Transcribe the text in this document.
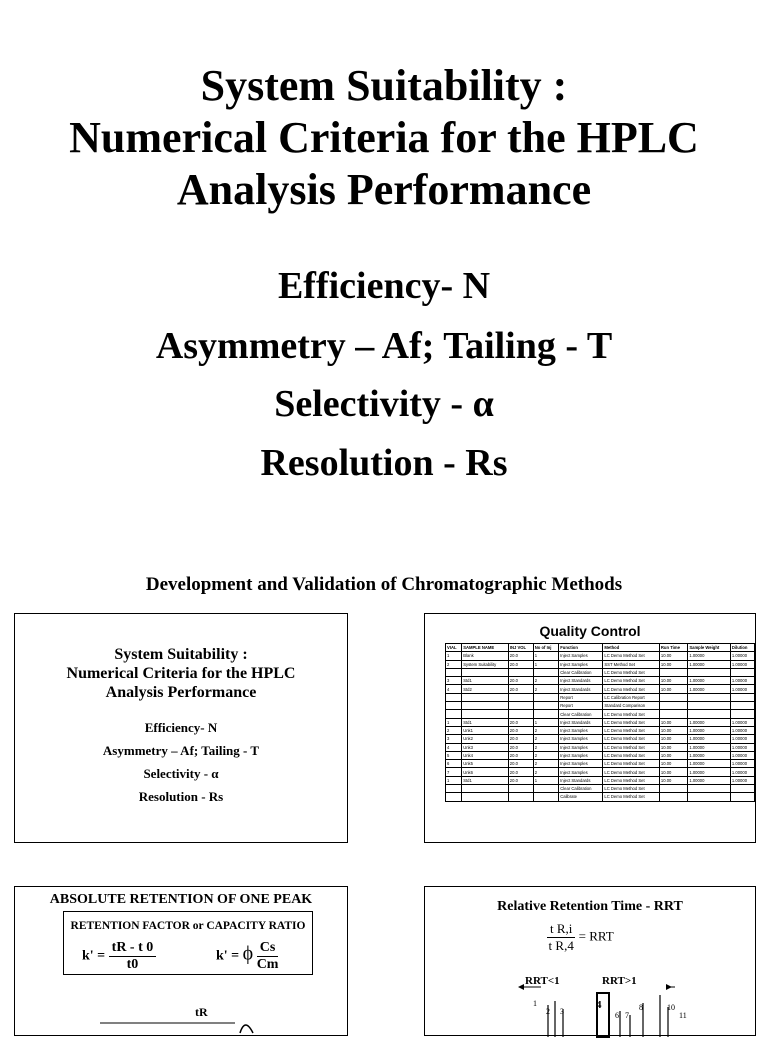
System Suitability :
Numerical Criteria for the HPLC
Analysis Performance
Efficiency- N
Asymmetry – Af; Tailing - T
Selectivity - α
Resolution - Rs
Development and Validation of Chromatographic Methods
System Suitability :
Numerical Criteria for the HPLC
Analysis Performance
Efficiency- N
Asymmetry – Af; Tailing - T
Selectivity - α
Resolution - Rs
Quality Control
VIAL	SAMPLE NAME	INJ VOL	No of Inj	Function	Method	Run Time	Sample Weight	Dilution
1	Blank	20.0	1	Inject Samples	LC Demo Method Set	10.00	1.00000	1.00000
2	System Suitability	20.0	1	Inject Samples	SST Method Set	10.00	1.00000	1.00000
				Clear Calibration	LC Demo Method Set			
3	Std1	20.0	2	Inject Standards	LC Demo Method Set	10.00	1.00000	1.00000
4	Std2	20.0	2	Inject Standards	LC Demo Method Set	10.00	1.00000	1.00000
				Report	LC Calibration Report			
				Report	Standard Comparison			
				Clear Calibration	LC Demo Method Set			
1	Std1	20.0	1	Inject Standards	LC Demo Method Set	10.00	1.00000	1.00000
2	Unk1	20.0	2	Inject Samples	LC Demo Method Set	10.00	1.00000	1.00000
3	Unk2	20.0	2	Inject Samples	LC Demo Method Set	10.00	1.00000	1.00000
4	Unk3	20.0	2	Inject Samples	LC Demo Method Set	10.00	1.00000	1.00000
5	Unk4	20.0	2	Inject Samples	LC Demo Method Set	10.00	1.00000	1.00000
6	Unk5	20.0	2	Inject Samples	LC Demo Method Set	10.00	1.00000	1.00000
7	Unk6	20.0	2	Inject Samples	LC Demo Method Set	10.00	1.00000	1.00000
1	Std1	20.0	1	Inject Standards	LC Demo Method Set	10.00	1.00000	1.00000
				Clear Calibration	LC Demo Method Set			
				Calibrate	LC Demo Method Set			
ABSOLUTE RETENTION OF ONE PEAK
RETENTION FACTOR or CAPACITY RATIO
$k' = \frac{tR - t 0}{t0}$	k' = ϕ $\frac{Cs}{Cm}$
tR
Relative Retention Time - RRT
$\frac{\text{t R,i}}{\text{t R,4}}$ = RRT
RRT<1	RRT>1
1
2 3
4
6 7
8	10
11
